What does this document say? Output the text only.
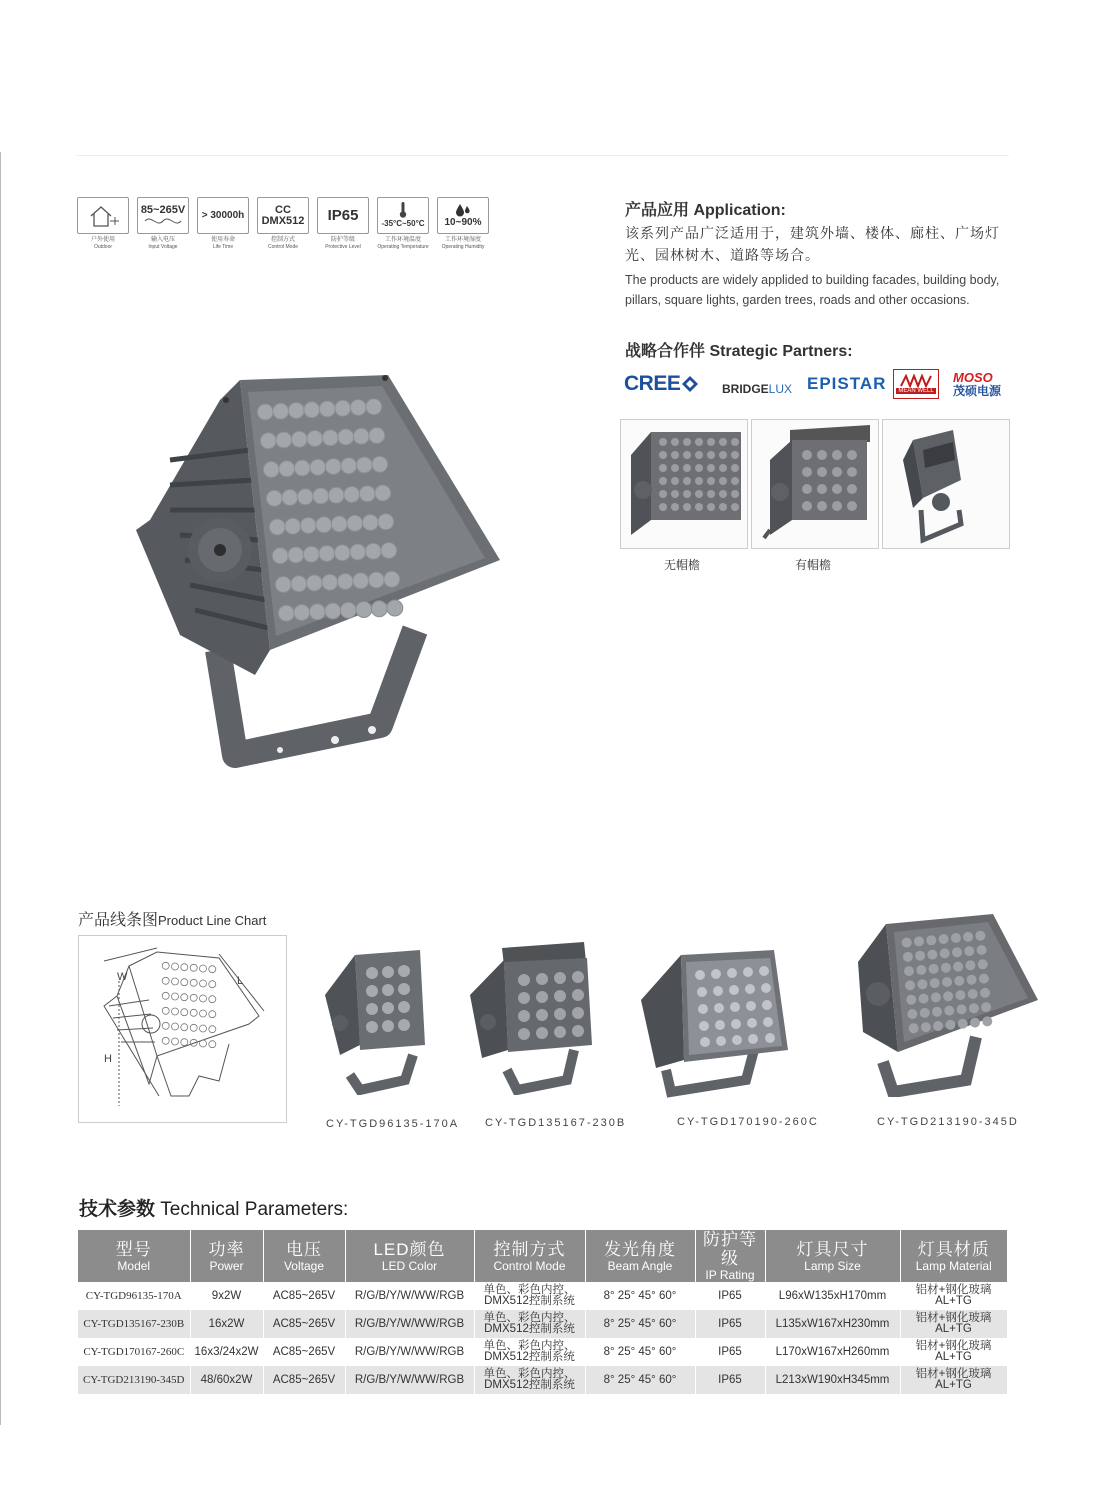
户外使用
Outdoor
85~265V
输入电压
Input Voltage
> 30000h
使用寿命
Life Time
CC
DMX512
控制方式
Control Mode
IP65
防护等级
Protective Level
-35°C~50°C
工作环境温度
Operating Temperature
10~90%
工作环境湿度
Operating Humidity
产品应用 Application:
该系列产品广泛适用于，建筑外墙、楼体、廊柱、广场灯光、园林树木、道路等场合。
The products are widely applided to building facades, building body, pillars, square lights, garden trees, roads and other occasions.
战略合作伴 Strategic Partners:
CREE	BRIDGELUX EPISTAR	MEAN WELL
MOSO
茂硕电源
无帽檐	有帽檐
产品线条图Product Line Chart
W	L
H
CY-TGD96135-170A CY-TGD135167-230B	CY-TGD170190-260C	CY-TGD213190-345D
技术参数 Technical Parameters:
型号
Model	功率
Power	电压
Voltage	LED颜色
LED Color	控制方式
Control Mode	发光角度
Beam Angle	防护等级
IP Rating	灯具尺寸
Lamp Size	灯具材质
Lamp Material

CY-TGD96135-170A	9x2W	AC85~265V	R/G/B/Y/W/WW/RGB	单色、彩色内控、
DMX512控制系统	8° 25° 45° 60°	IP65	L96xW135xH170mm	铝材+钢化玻璃
AL+TG

CY-TGD135167-230B	16x2W	AC85~265V	R/G/B/Y/W/WW/RGB	单色、彩色内控、
DMX512控制系统	8° 25° 45° 60°	IP65	L135xW167xH230mm	铝材+钢化玻璃
AL+TG

CY-TGD170167-260C	16x3/24x2W	AC85~265V	R/G/B/Y/W/WW/RGB	单色、彩色内控、
DMX512控制系统	8° 25° 45° 60°	IP65	L170xW167xH260mm	铝材+钢化玻璃
AL+TG

CY-TGD213190-345D	48/60x2W	AC85~265V	R/G/B/Y/W/WW/RGB	单色、彩色内控、
DMX512控制系统	8° 25° 45° 60°	IP65	L213xW190xH345mm	铝材+钢化玻璃
AL+TG
